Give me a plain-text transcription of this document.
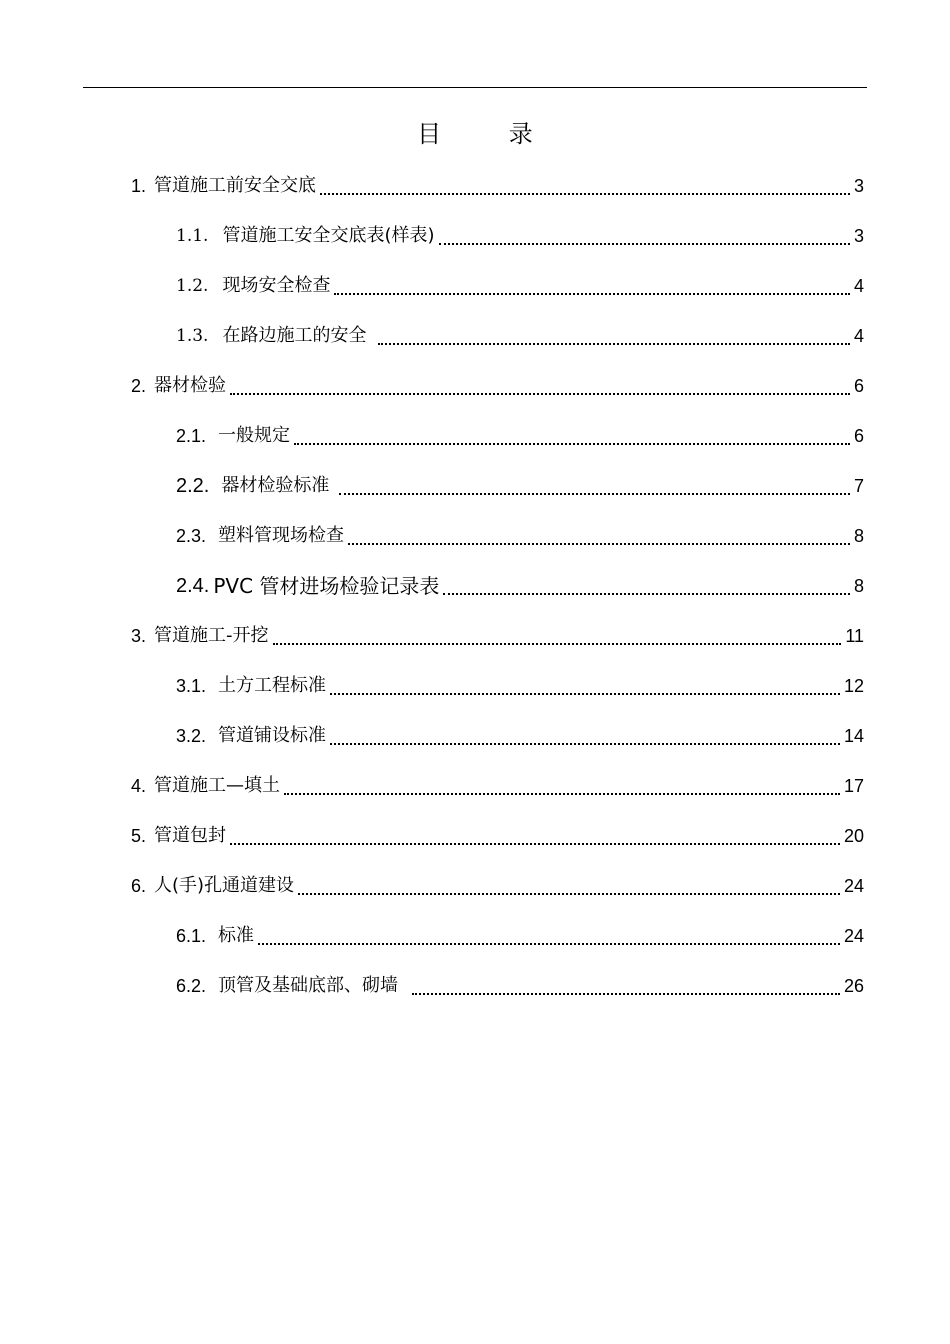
目 录
1. 管道施工前安全交底	3
1.1. 管道施工安全交底表(样表)	3
1.2. 现场安全检查	4
1.3. 在路边施工的安全	4
2. 器材检验	6
2.1. 一般规定	6
2.2. 器材检验标准	7
2.3. 塑料管现场检查	8
2.4. PVC 管材进场检验记录表	8
3. 管道施工-开挖	11
3.1. 土方工程标准	12
3.2. 管道铺设标准	14
4. 管道施工—填土	17
5. 管道包封	20
6. 人(手)孔通道建设	24
6.1. 标准	24
6.2. 顶管及基础底部、砌墙	26
